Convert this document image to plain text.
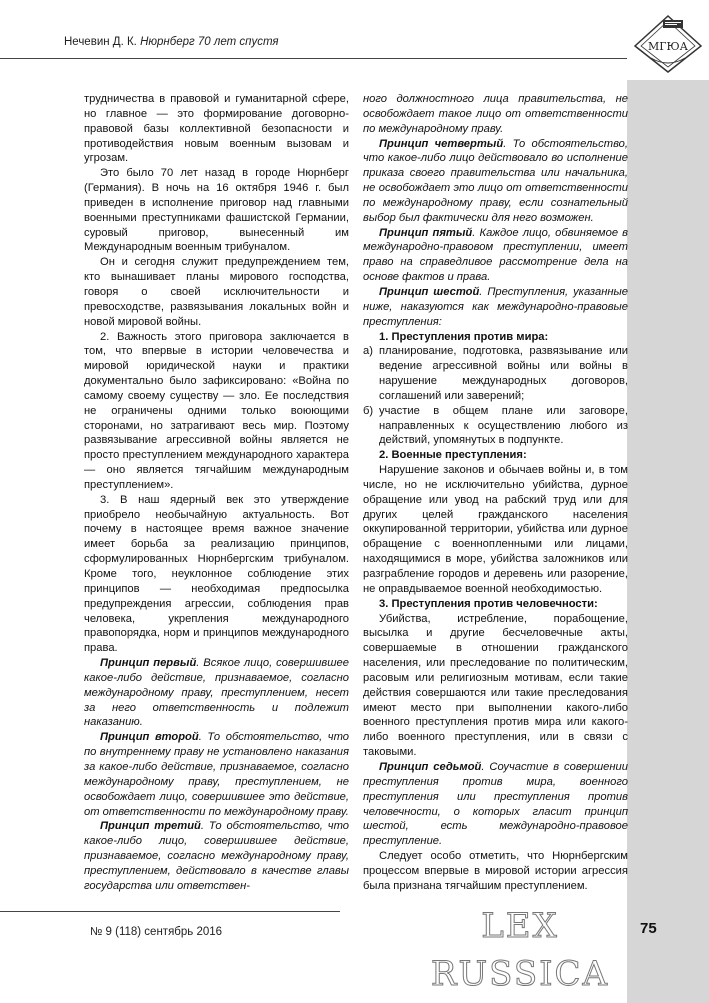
Нечевин Д. К. Нюрнберг 70 лет спустя	МГЮА

трудничества в правовой и гуманитарной сфере, но главное — это формирование договорно-правовой базы коллективной безопасности и противодействия новым военным вызовам и угрозам.

Это было 70 лет назад в городе Нюрнберг (Германия). В ночь на 16 октября 1946 г. был приведен в исполнение приговор над главными военными преступниками фашистской Германии, суровый приговор, вынесенный им Международным военным трибуналом.

Он и сегодня служит предупреждением тем, кто вынашивает планы мирового господства, говоря о своей исключительности и превосходстве, развязывания локальных войн и новой мировой войны.

2. Важность этого приговора заключается в том, что впервые в истории человечества и мировой юридической науки и практики документально было зафиксировано: «Война по самому своему существу — зло. Ее последствия не ограничены одними только воюющими сторонами, но затрагивают весь мир. Поэтому развязывание агрессивной войны является не просто преступлением международного характера — оно является тягчайшим международным преступлением».

3. В наш ядерный век это утверждение приобрело необычайную актуальность. Вот почему в настоящее время важное значение имеет борьба за реализацию принципов, сформулированных Нюрнбергским трибуналом. Кроме того, неуклонное соблюдение этих принципов — необходимая предпосылка предупреждения агрессии, соблюдения прав человека, укрепления международного правопорядка, норм и принципов международного права.

Принцип первый. Всякое лицо, совершившее какое-либо действие, признаваемое, согласно международному праву, преступлением, несет за него ответственность и подлежит наказанию.

Принцип второй. То обстоятельство, что по внутреннему праву не установлено наказания за какое-либо действие, признаваемое, согласно международному праву, преступлением, не освобождает лицо, совершившее это действие, от ответственности по международному праву.

Принцип третий. То обстоятельство, что какое-либо лицо, совершившее действие, признаваемое, согласно международному праву, преступлением, действовало в качестве главы государства или ответствен-

ного должностного лица правительства, не освобождает такое лицо от ответственности по международному праву.

Принцип четвертый. То обстоятельство, что какое-либо лицо действовало во исполнение приказа своего правительства или начальника, не освобождает это лицо от ответственности по международному праву, если сознательный выбор был фактически для него возможен.

Принцип пятый. Каждое лицо, обвиняемое в международно-правовом преступлении, имеет право на справедливое рассмотрение дела на основе фактов и права.

Принцип шестой. Преступления, указанные ниже, наказуются как международно-правовые преступления:

1. Преступления против мира:

а) планирование, подготовка, развязывание или ведение агрессивной войны или войны в нарушение международных договоров, соглашений или заверений;
б) участие в общем плане или заговоре, направленных к осуществлению любого из действий, упомянутых в подпункте.

2. Военные преступления:

Нарушение законов и обычаев войны и, в том числе, но не исключительно убийства, дурное обращение или увод на рабский труд или для других целей гражданского населения оккупированной территории, убийства или дурное обращение с военнопленными или лицами, находящимися в море, убийства заложников или разграбление городов и деревень или разорение, не оправдываемое военной необходимостью.

3. Преступления против человечности:

Убийства, истребление, порабощение, высылка и другие бесчеловечные акты, совершаемые в отношении гражданского населения, или преследование по политическим, расовым или религиозным мотивам, если такие действия совершаются или такие преследования имеют место при выполнении какого-либо военного преступления против мира или какого-либо военного преступления, или в связи с таковыми.

Принцип седьмой. Соучастие в совершении преступления против мира, военного преступления или преступления против человечности, о которых гласит принцип шестой, есть международно-правовое преступление.

Следует особо отметить, что Нюрнбергским процессом впервые в мировой истории агрессия была признана тягчайшим преступлением.

№ 9 (118) сентябрь 2016	LEX RUSSICA
75
